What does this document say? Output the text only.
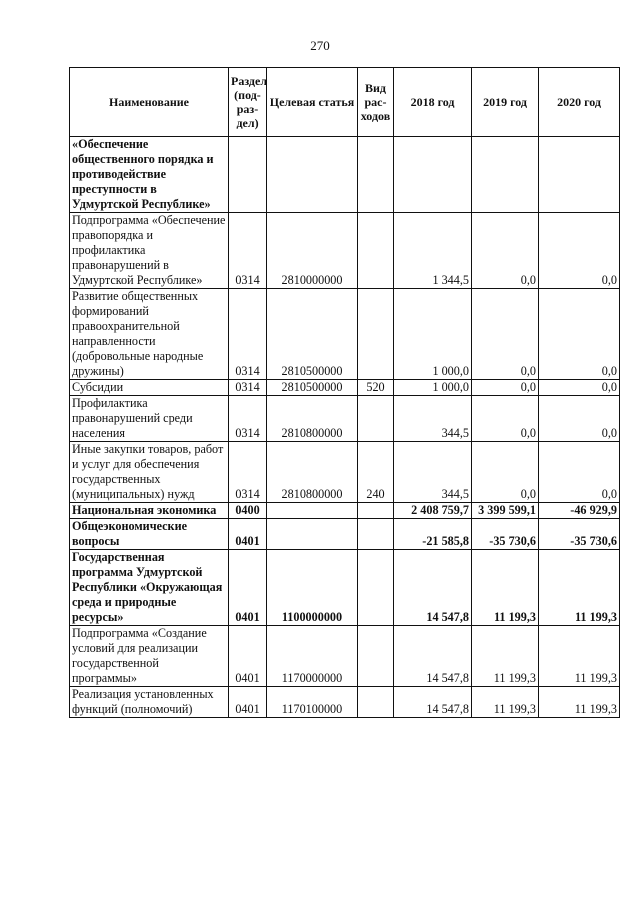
270
Наименование	Раздел (под-раз-дел)	Целевая статья	Вид рас-ходов	2018 год	2019 год	2020 год
«Обеспечение общественного порядка и противодействие преступности в Удмуртской Республике»						
Подпрограмма «Обеспечение правопорядка и профилактика правонарушений в Удмуртской Республике»	0314	2810000000		1 344,5	0,0	0,0
Развитие общественных формирований правоохранительной направленности (добровольные народные дружины)	0314	2810500000		1 000,0	0,0	0,0
Субсидии	0314	2810500000	520	1 000,0	0,0	0,0
Профилактика правонарушений среди населения	0314	2810800000		344,5	0,0	0,0
Иные закупки товаров, работ и услуг для обеспечения государственных (муниципальных) нужд	0314	2810800000	240	344,5	0,0	0,0
Национальная экономика	0400			2 408 759,7	3 399 599,1	-46 929,9
Общеэкономические вопросы	0401			-21 585,8	-35 730,6	-35 730,6
Государственная программа Удмуртской Республики «Окружающая среда и природные ресурсы»	0401	1100000000		14 547,8	11 199,3	11 199,3
Подпрограмма «Создание условий для реализации государственной программы»	0401	1170000000		14 547,8	11 199,3	11 199,3
Реализация установленных функций (полномочий)	0401	1170100000		14 547,8	11 199,3	11 199,3
